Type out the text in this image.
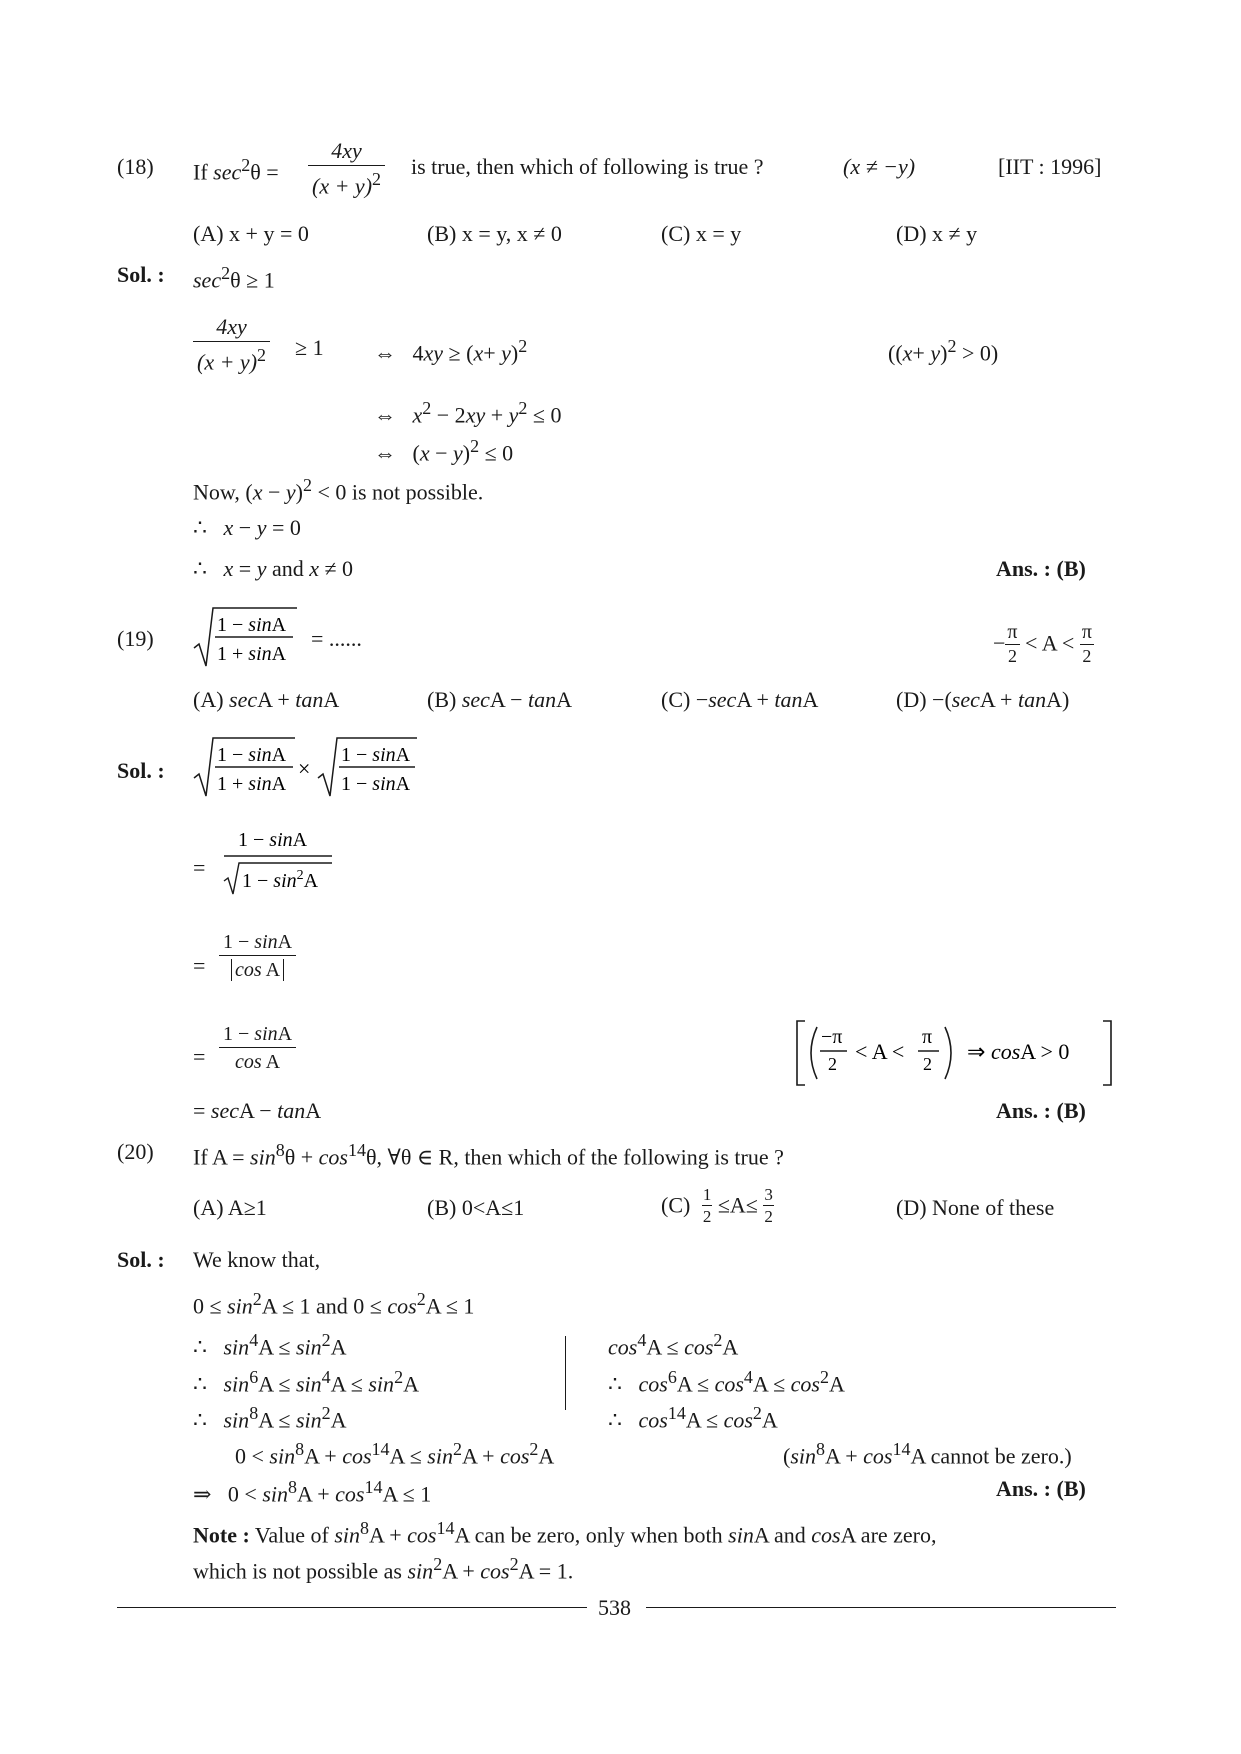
(18) If $\sec^2\theta = \frac{4xy}{(x + y)^2}$ is true, then which of following is true ?	(x ≠ −y)	[IIT : 1996]
(A) x + y = 0	(B) x = y, x ≠ 0	(C) x = y	(D) x ≠ y
Sol. : $\sec^2\theta \ge 1$
$\frac{4xy}{(x + y)^2} \ge 1$ ⇔   $4xy \ge (x+ y)^2$	$((x+ y)^2 > 0)$
⇔   $x^2 - 2xy + y^2 \le 0$
⇔   $(x - y)^2 \le 0$
Now, $(x - y)^2 < 0$ is not possible.
∴   x − y = 0
∴   x = y and x ≠ 0	Ans. : (B)
(19)
1 − sinA
1 + sinA
= ......	− $\frac{\pi}{2} < A < \frac{\pi}{2}$
(A) secA + tanA	(B) secA − tanA	(C) −secA + tanA	(D) −(secA + tanA)
Sol. :
1 − sinA
1 + sinA
×
1 − sinA
1 − sinA
=
1 − sinA
$1 - \sin^2A$
= $\frac{1 - \sin A}{\text{cos A}}$
= $\frac{1 - \sin A}{\text{cos A}}$	−π
2 < A <
π
2 ⇒ cosA > 0
= secA − tanA	Ans. : (B)
(20) If $A = \sin^8\theta + \cos^{14}\theta$, ∀θ ∈ R, then which of the following is true ?
(A) A≥1	(B) 0<A≤1	$(C) \frac{1}{2} \le A\le \frac{3}{2}$	(D) None of these
Sol. : We know that,
$0 \le \sin^2A \le 1$ and $0 \le \cos^2A \le 1$
∴   $\sin^4A \le \sin^2A$
∴   $\sin^6A \le \sin^4A \le \sin^2A$
∴   $\sin^8A \le \sin^2A$
$\cos^4A \le \cos^2A$
∴   $\cos^6A \le \cos^4A \le \cos^2A$
∴   $\cos^{14}A \le \cos^2A$
$0 < \sin^8A + \cos^{14}A \le \sin^2A + \cos^2A$	($\sin^8A + \cos^{14}A$ cannot be zero.)
⇒   $0 < \sin^8A + \cos^{14}A \le 1$	Ans. : (B)
Note : Value of $\sin^8A + \cos^{14}A$ can be zero, only when both sinA and cosA are zero,
which is not possible as $\sin^2A + \cos^2A = 1$.
538
